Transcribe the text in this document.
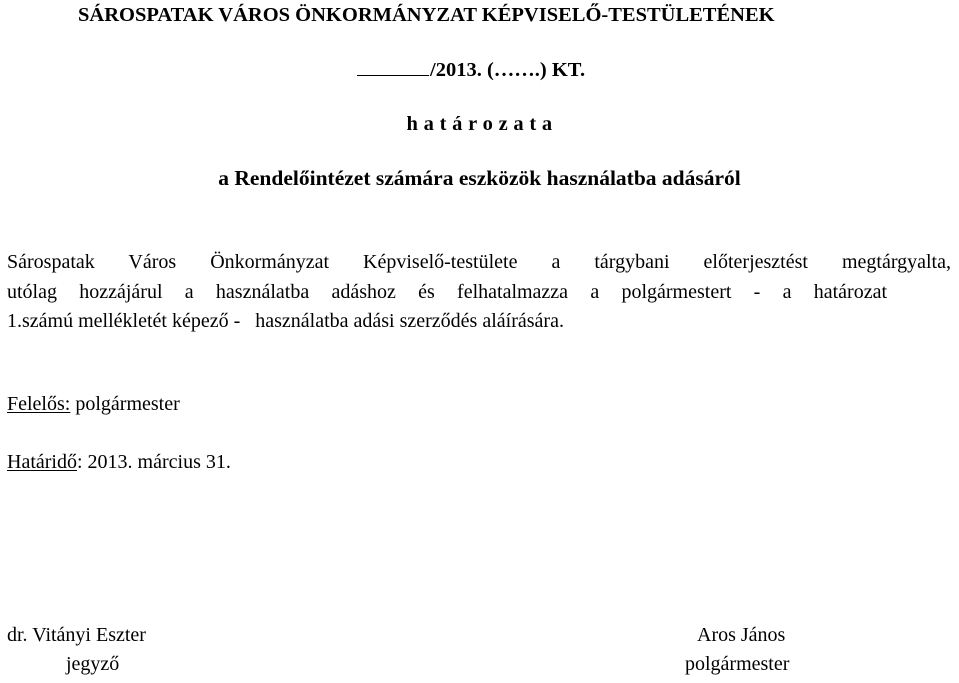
SÁROSPATAK VÁROS ÖNKORMÁNYZAT KÉPVISELŐ-TESTÜLETÉNEK
/2013. (…….) KT.
h a t á r o z a t a
a Rendelőintézet számára eszközök használatba adásáról
Sárospatak Város Önkormányzat Képviselő-testülete a tárgybani előterjesztést megtárgyalta,
utólag hozzájárul a használatba adáshoz és felhatalmazza a polgármestert - a határozat
1.számú mellékletét képező -   használatba adási szerződés aláírására.
Felelős: polgármester
Határidő: 2013. március 31.
dr. Vitányi Eszter
jegyző
Aros János
polgármester
